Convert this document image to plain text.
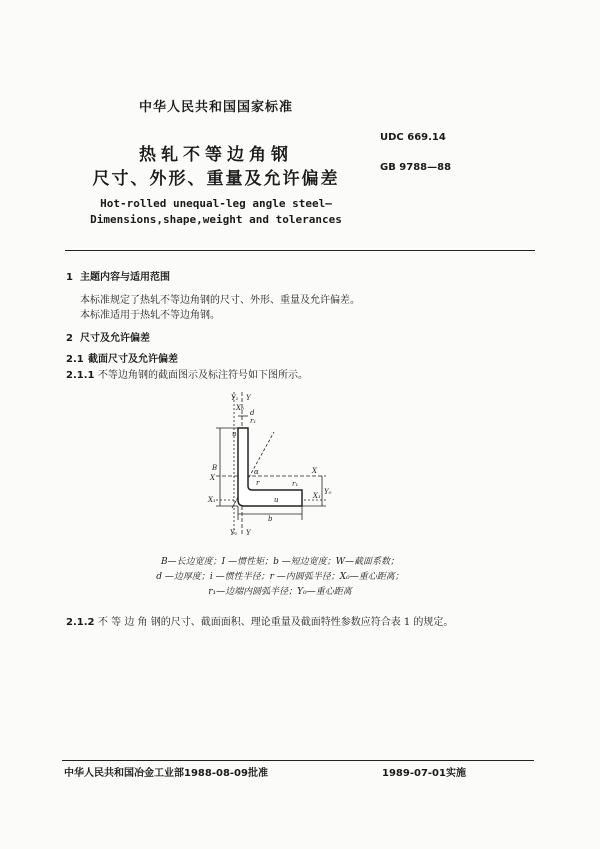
中华人民共和国国家标准
热轧不等边角钢
尺寸、外形、重量及允许偏差
Hot-rolled unequal-leg angle steel—
Dimensions,shape,weight and tolerances
UDC 669.14
GB 9788—88
1 主题内容与适用范围
本标准规定了热轧不等边角钢的尺寸、外形、重量及允许偏差。
本标准适用于热轧不等边角钢。
2 尺寸及允许偏差
2.1 截面尺寸及允许偏差
2.1.1 不等边角钢的截面图示及标注符号如下图所示。
Y₁ Y
X₀
r₁
d
B
X
X
X₁	X₁
α
r	r₁
Y₀
b
u
u
Y₁ Y
B—长边宽度；I —惯性矩；b —短边宽度；W—截面系数；
d —边厚度；i —惯性半径；r —内圆弧半径；X₀—重心距离；
r₁—边端内圆弧半径；Y₀—重心距离
2.1.2 不 等 边 角 钢的尺寸、截面面积、理论重量及截面特性参数应符合表 1 的规定。
中华人民共和国冶金工业部1988-08-09批准	1989-07-01实施
